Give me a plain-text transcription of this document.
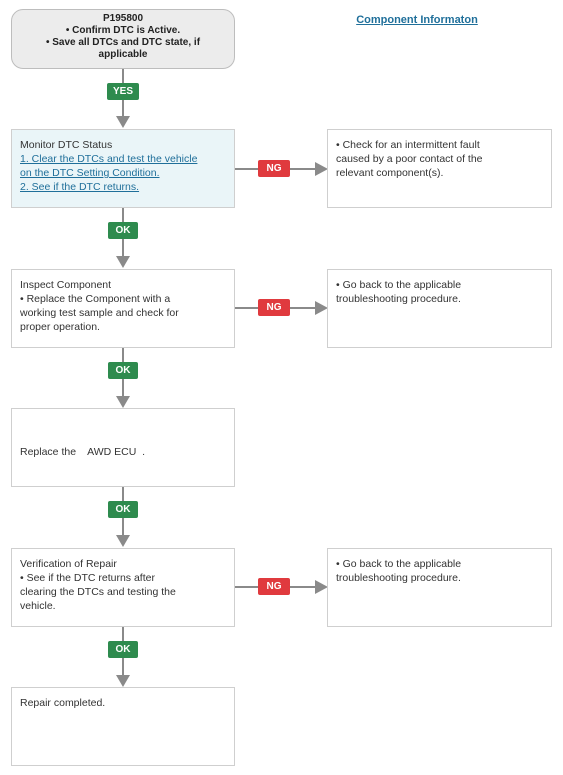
Component Informaton
P195800
• Confirm DTC is Active.
• Save all DTCs and DTC state, if
applicable
YES
Monitor DTC Status
1. Clear the DTCs and test the vehicle
on the DTC Setting Condition.
2. See if the DTC returns.
NG
• Check for an intermittent fault
caused by a poor contact of the
relevant component(s).
OK
Inspect Component
• Replace the Component with a
working test sample and check for
proper operation.
NG
• Go back to the applicable
troubleshooting procedure.
OK

Replace the    AWD ECU  .

OK
Verification of Repair
• See if the DTC returns after
clearing the DTCs and testing the
vehicle.
NG
• Go back to the applicable
troubleshooting procedure.
OK
Repair completed.
